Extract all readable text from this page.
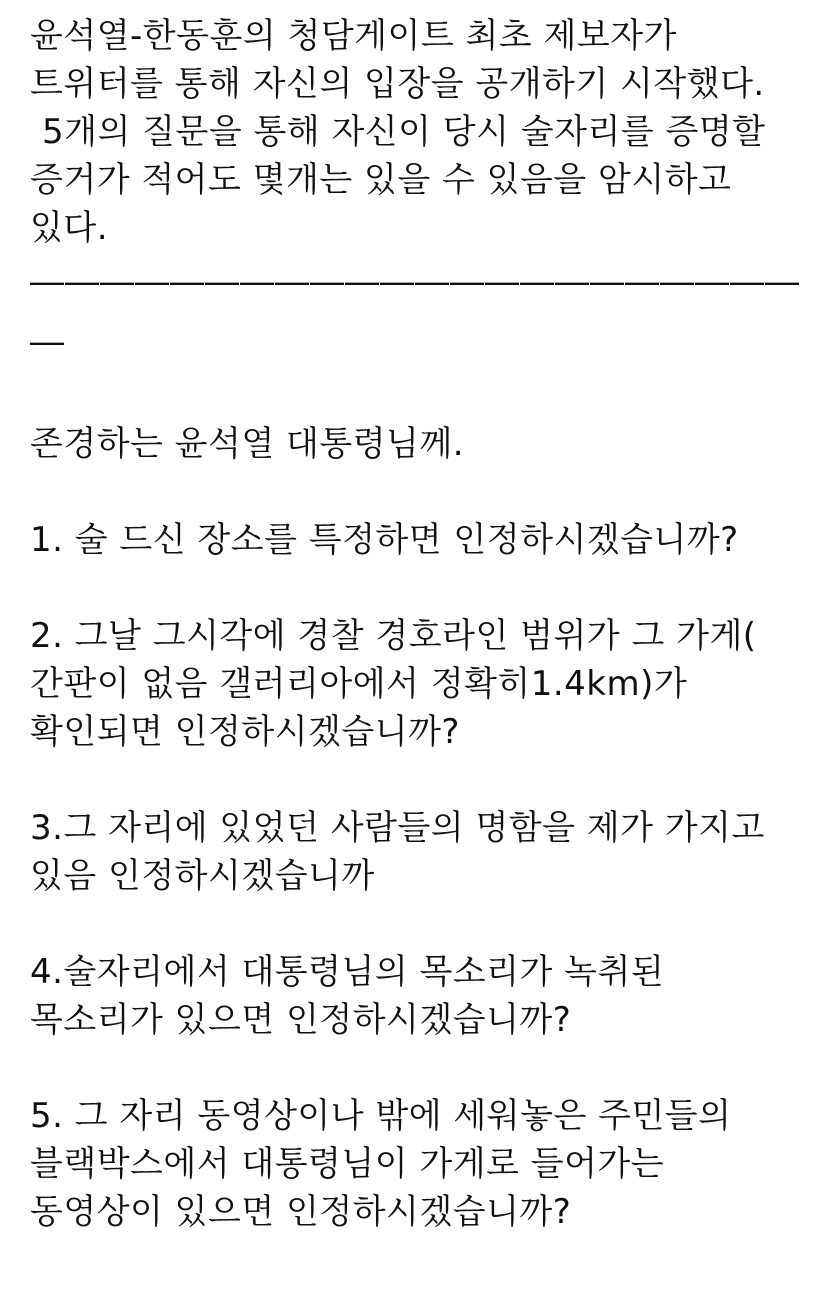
윤석열-한동훈의 청담게이트 최초 제보자가
트위터를 통해 자신의 입장을 공개하기 시작했다.
5개의 질문을 통해 자신이 당시 술자리를 증명할
증거가 적어도 몇개는 있을 수 있음을 암시하고
있다.
――――――――――――――――――――――
―
존경하는 윤석열 대통령님께.
1. 술 드신 장소를 특정하면 인정하시겠습니까?
2. 그날 그시각에 경찰 경호라인 범위가 그 가게(
간판이 없음 갤러리아에서 정확히1.4km)가
확인되면 인정하시겠습니까?
3.그 자리에 있었던 사람들의 명함을 제가 가지고
있음 인정하시겠습니까
4.술자리에서 대통령님의 목소리가 녹취된
목소리가 있으면 인정하시겠습니까?
5. 그 자리 동영상이나 밖에 세워놓은 주민들의
블랙박스에서 대통령님이 가게로 들어가는
동영상이 있으면 인정하시겠습니까?
